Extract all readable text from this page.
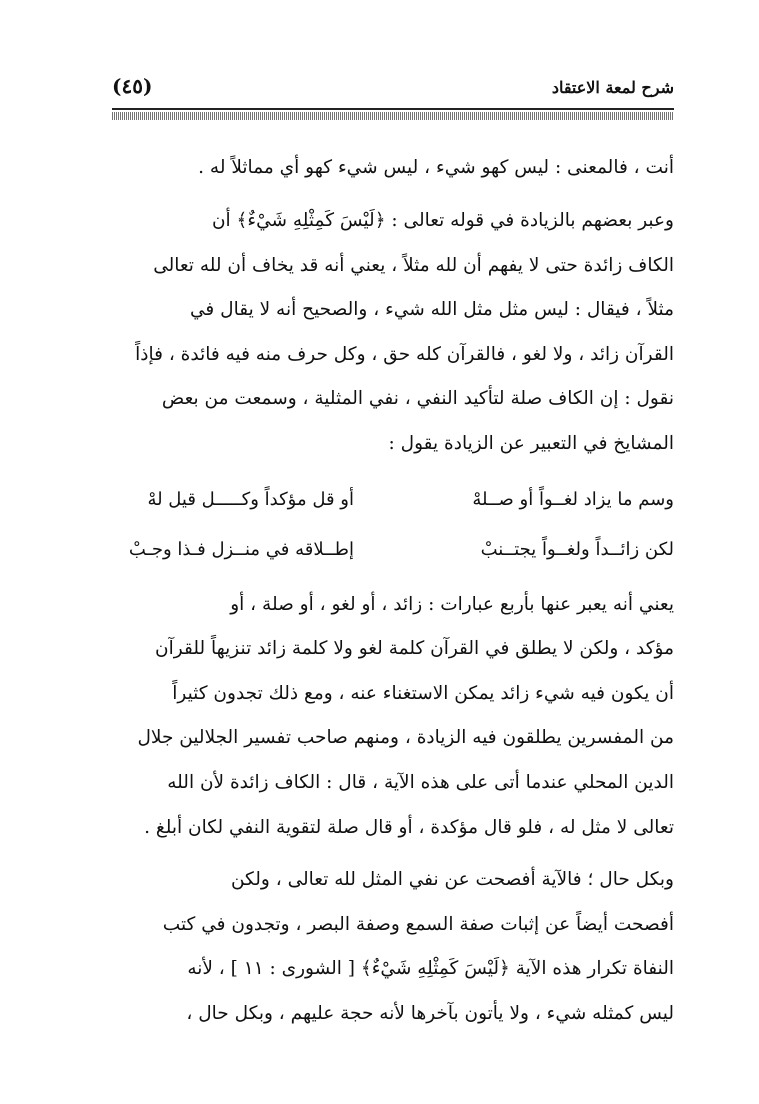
شرح لمعة الاعتقاد
(٤٥)
أنت ، فالمعنى : ليس كهو شيء ، ليس شيء كهو أي مماثلاً له .
وعبر بعضهم بالزيادة في قوله تعالى : ﴿لَيْسَ كَمِثْلِهِ شَيْءٌ﴾ أن
الكاف زائدة حتى لا يفهم أن لله مثلاً ، يعني أنه قد يخاف أن لله تعالى
مثلاً ، فيقال : ليس مثل مثل الله شيء ، والصحيح أنه لا يقال في
القرآن زائد ، ولا لغو ، فالقرآن كله حق ، وكل حرف منه فيه فائدة ، فإذاً
نقول : إن الكاف صلة لتأكيد النفي ، نفي المثلية ، وسمعت من بعض
المشايخ في التعبير عن الزيادة يقول :
وسم ما يزاد لغــواً أو صــلهْ
أو قل مؤكداً وكـــــل قيل لهْ
لكن زائــداً ولغــواً يجتــنبْ
إطــلاقه في منــزل فـذا وجـبْ
يعني أنه يعبر عنها بأربع عبارات : زائد ، أو لغو ، أو صلة ، أو
مؤكد ، ولكن لا يطلق في القرآن كلمة لغو ولا كلمة زائد تنزيهاً للقرآن
أن يكون فيه شيء زائد يمكن الاستغناء عنه ، ومع ذلك تجدون كثيراً
من المفسرين يطلقون فيه الزيادة ، ومنهم صاحب تفسير الجلالين جلال
الدين المحلي عندما أتى على هذه الآية ، قال : الكاف زائدة لأن الله
تعالى لا مثل له ، فلو قال مؤكدة ، أو قال صلة لتقوية النفي لكان أبلغ .
وبكل حال ؛ فالآية أفصحت عن نفي المثل لله تعالى ، ولكن
أفصحت أيضاً عن إثبات صفة السمع وصفة البصر ، وتجدون في كتب
النفاة تكرار هذه الآية ﴿لَيْسَ كَمِثْلِهِ شَيْءٌ﴾ [ الشورى : ١١ ] ، لأنه
ليس كمثله شيء ، ولا يأتون بآخرها لأنه حجة عليهم ، وبكل حال ،
